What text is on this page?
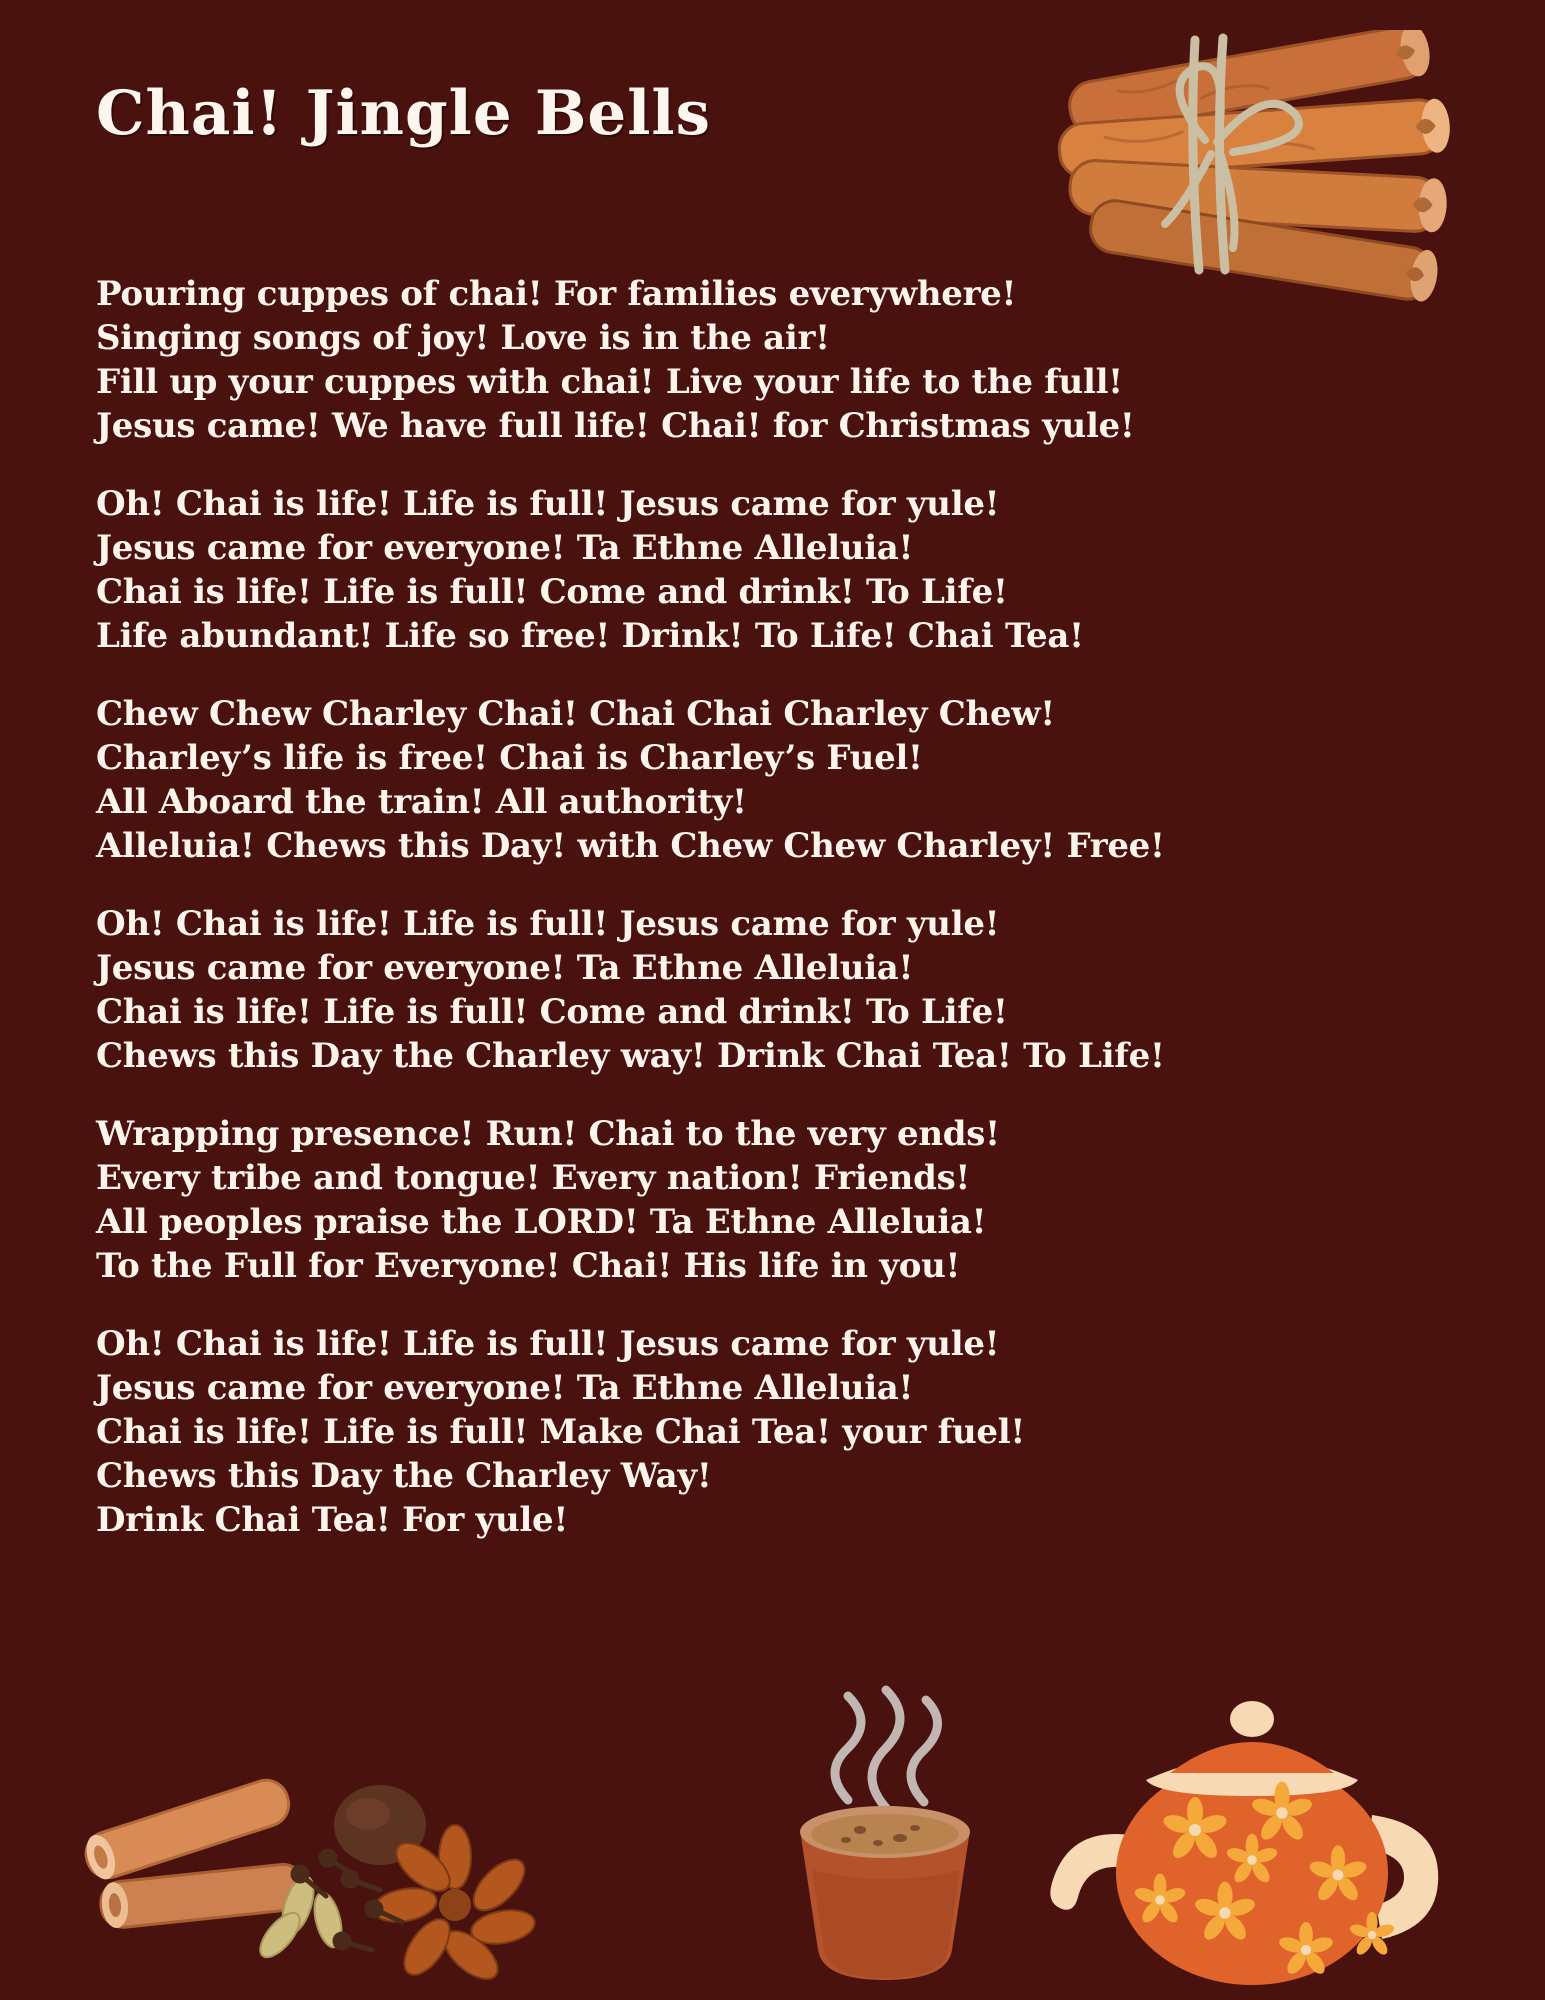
Chai! Jingle Bells
Pouring cuppes of chai! For families everywhere!
Singing songs of joy! Love is in the air!
Fill up your cuppes with chai! Live your life to the full!
Jesus came! We have full life! Chai! for Christmas yule!
Oh! Chai is life! Life is full! Jesus came for yule!
Jesus came for everyone! Ta Ethne Alleluia!
Chai is life! Life is full! Come and drink! To Life!
Life abundant! Life so free! Drink! To Life! Chai Tea!
Chew Chew Charley Chai! Chai Chai Charley Chew!
Charley’s life is free! Chai is Charley’s Fuel!
All Aboard the train! All authority!
Alleluia! Chews this Day! with Chew Chew Charley! Free!
Oh! Chai is life! Life is full! Jesus came for yule!
Jesus came for everyone! Ta Ethne Alleluia!
Chai is life! Life is full! Come and drink! To Life!
Chews this Day the Charley way! Drink Chai Tea! To Life!
Wrapping presence! Run! Chai to the very ends!
Every tribe and tongue! Every nation! Friends!
All peoples praise the LORD! Ta Ethne Alleluia!
To the Full for Everyone! Chai! His life in you!
Oh! Chai is life! Life is full! Jesus came for yule!
Jesus came for everyone! Ta Ethne Alleluia!
Chai is life! Life is full! Make Chai Tea! your fuel!
Chews this Day the Charley Way!
Drink Chai Tea! For yule!
